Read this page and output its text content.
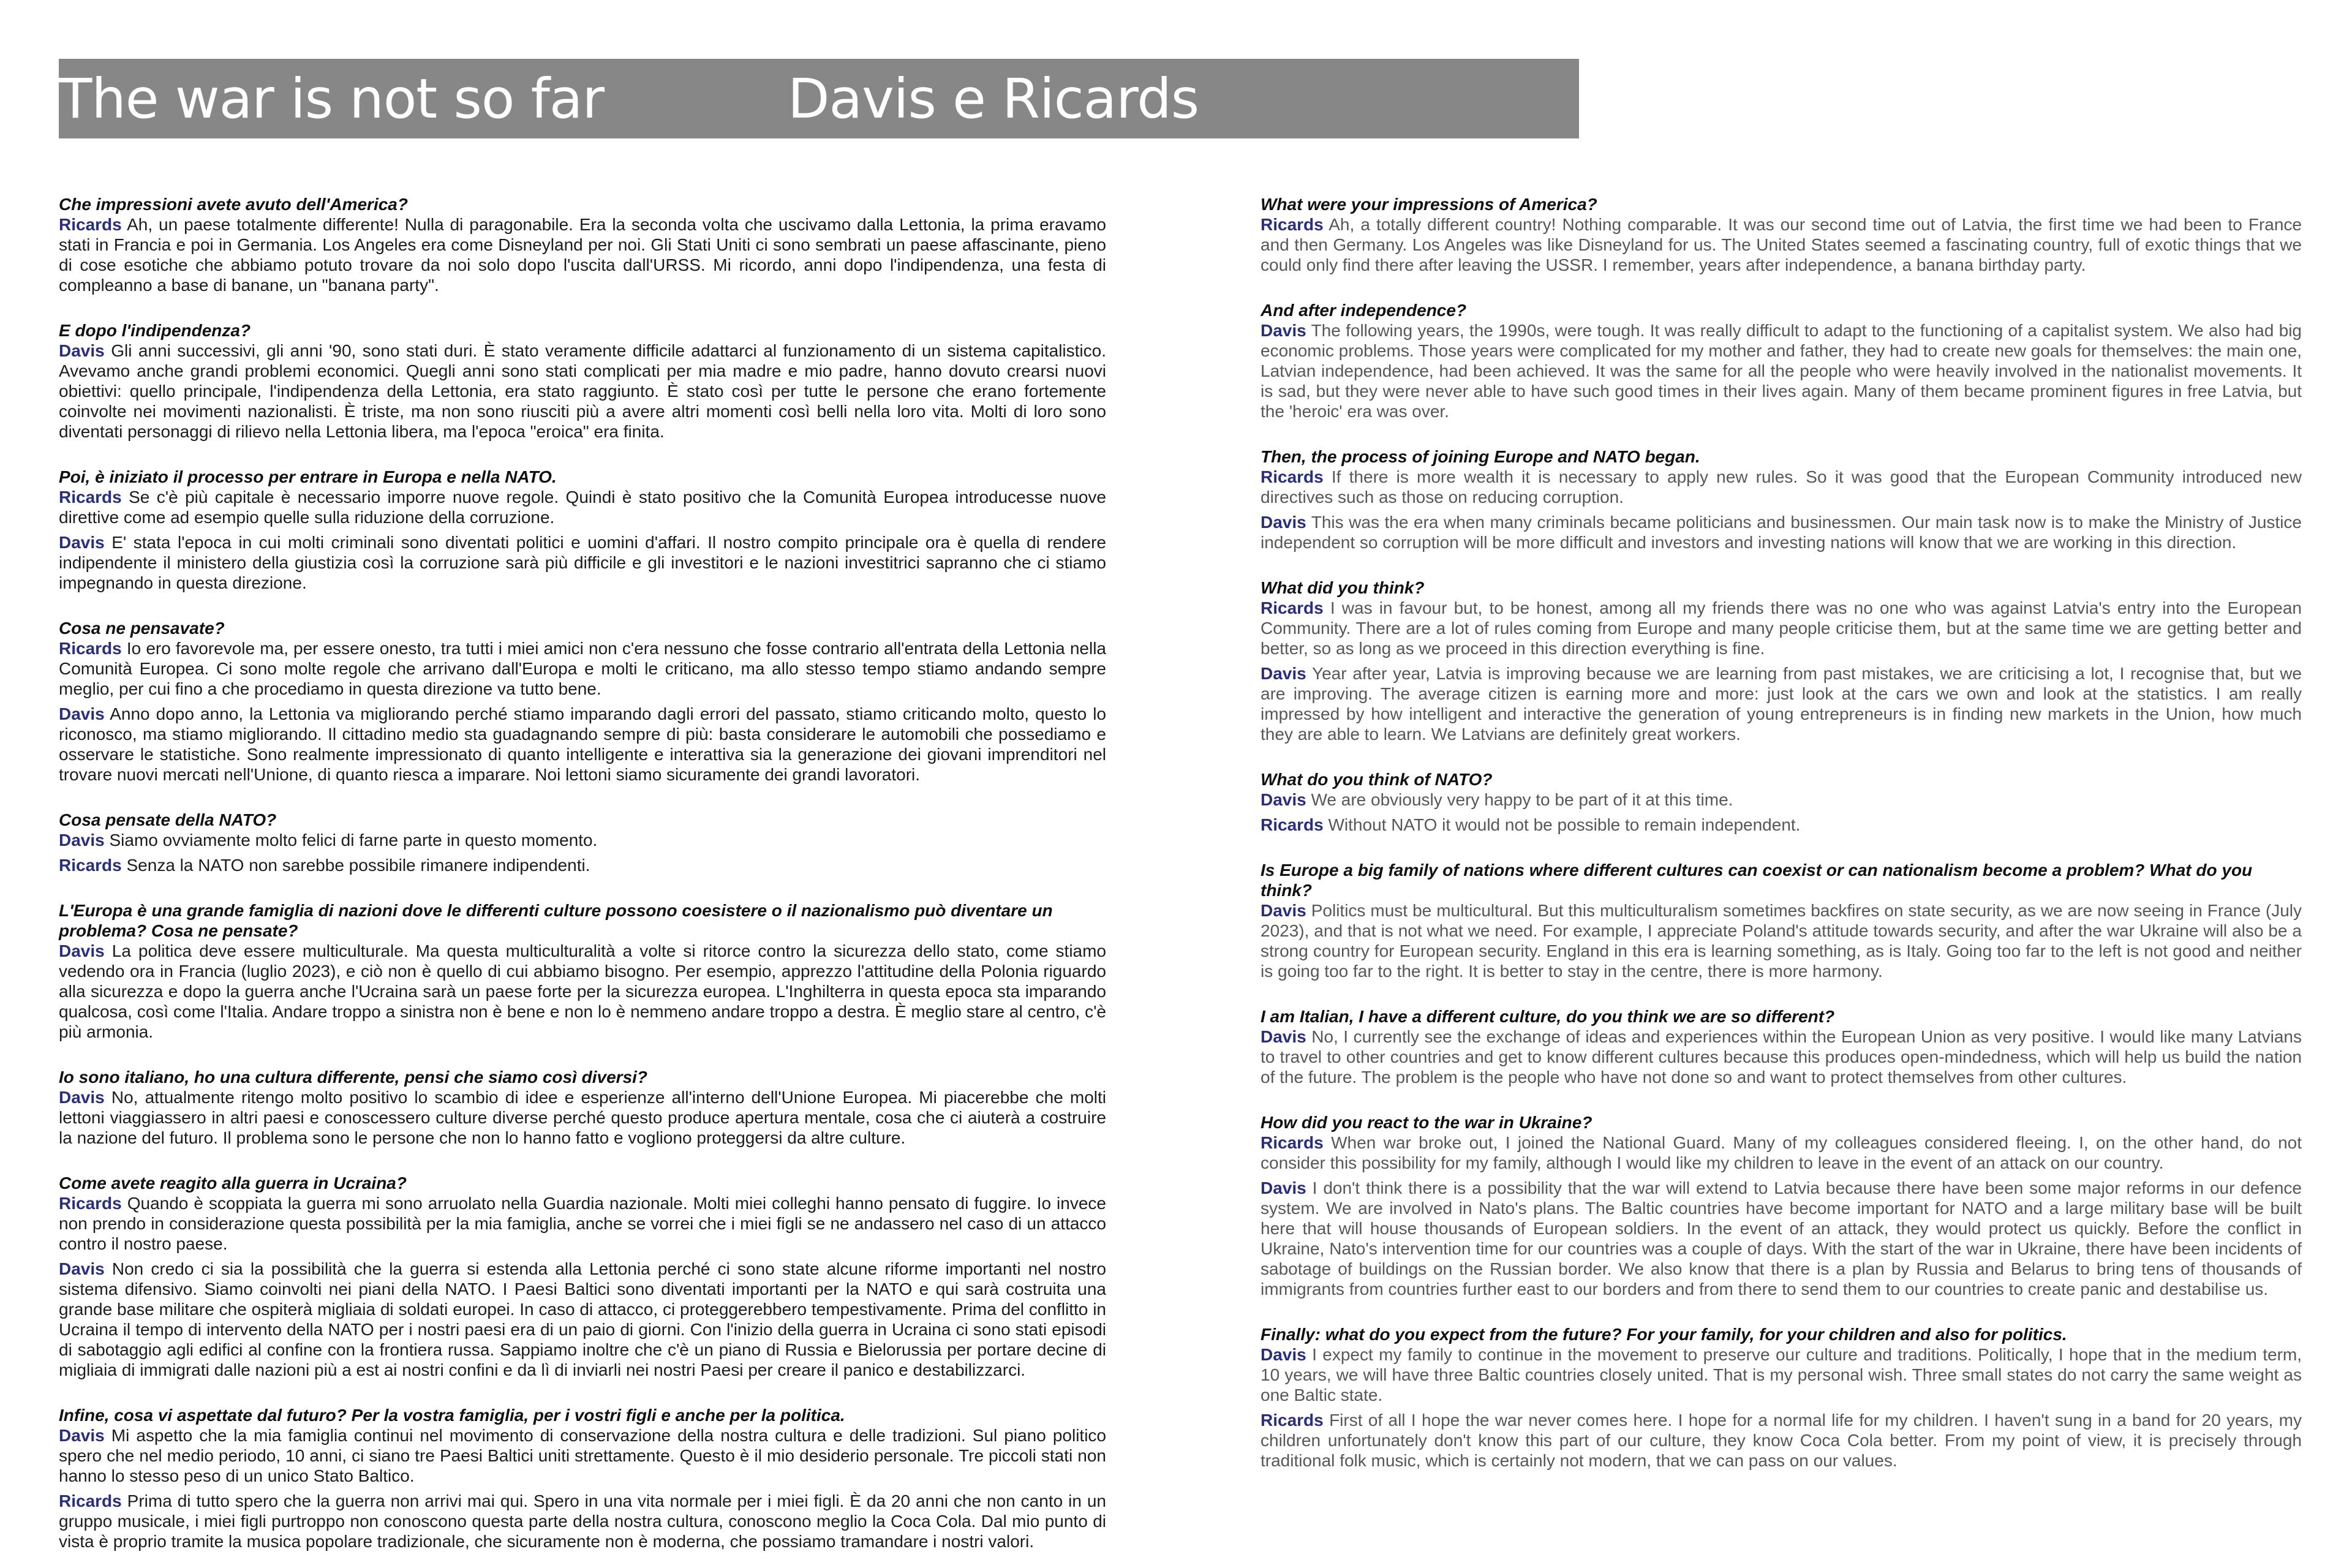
The war is not so far	Davis e Ricards

Che impressioni avete avuto dell'America?

Ricards Ah, un paese totalmente differente! Nulla di paragonabile. Era la seconda volta che uscivamo dalla Lettonia, la prima eravamo stati in Francia e poi in Germania. Los Angeles era come Disneyland per noi. Gli Stati Uniti ci sono sembrati un paese affascinante, pieno di cose esotiche che abbiamo potuto trovare da noi solo dopo l'uscita dall'URSS. Mi ricordo, anni dopo l'indipendenza, una festa di compleanno a base di banane, un "banana party".

E dopo l'indipendenza?

Davis Gli anni successivi, gli anni '90, sono stati duri. È stato veramente difficile adattarci al funzionamento di un sistema capitalistico. Avevamo anche grandi problemi economici. Quegli anni sono stati complicati per mia madre e mio padre, hanno dovuto crearsi nuovi obiettivi: quello principale, l'indipendenza della Lettonia, era stato raggiunto. È stato così per tutte le persone che erano fortemente coinvolte nei movimenti nazionalisti. È triste, ma non sono riusciti più a avere altri momenti così belli nella loro vita. Molti di loro sono diventati personaggi di rilievo nella Lettonia libera, ma l'epoca "eroica" era finita.

Poi, è iniziato il processo per entrare in Europa e nella NATO.

Ricards Se c'è più capitale è necessario imporre nuove regole. Quindi è stato positivo che la Comunità Europea introducesse nuove direttive come ad esempio quelle sulla riduzione della corruzione.

Davis E' stata l'epoca in cui molti criminali sono diventati politici e uomini d'affari. Il nostro compito principale ora è quella di rendere indipendente il ministero della giustizia così la corruzione sarà più difficile e gli investitori e le nazioni investitrici sapranno che ci stiamo impegnando in questa direzione.

Cosa ne pensavate?

Ricards Io ero favorevole ma, per essere onesto, tra tutti i miei amici non c'era nessuno che fosse contrario all'entrata della Lettonia nella Comunità Europea. Ci sono molte regole che arrivano dall'Europa e molti le criticano, ma allo stesso tempo stiamo andando sempre meglio, per cui fino a che procediamo in questa direzione va tutto bene.

Davis Anno dopo anno, la Lettonia va migliorando perché stiamo imparando dagli errori del passato, stiamo criticando molto, questo lo riconosco, ma stiamo migliorando. Il cittadino medio sta guadagnando sempre di più: basta considerare le automobili che possediamo e osservare le statistiche. Sono realmente impressionato di quanto intelligente e interattiva sia la generazione dei giovani imprenditori nel trovare nuovi mercati nell'Unione, di quanto riesca a imparare. Noi lettoni siamo sicuramente dei grandi lavoratori.

Cosa pensate della NATO?

Davis Siamo ovviamente molto felici di farne parte in questo momento.

Ricards Senza la NATO non sarebbe possibile rimanere indipendenti.

L'Europa è una grande famiglia di nazioni dove le differenti culture possono coesistere o il nazionalismo può diventare un problema? Cosa ne pensate?

Davis La politica deve essere multiculturale. Ma questa multiculturalità a volte si ritorce contro la sicurezza dello stato, come stiamo vedendo ora in Francia (luglio 2023), e ciò non è quello di cui abbiamo bisogno. Per esempio, apprezzo l'attitudine della Polonia riguardo alla sicurezza e dopo la guerra anche l'Ucraina sarà un paese forte per la sicurezza europea. L'Inghilterra in questa epoca sta imparando qualcosa, così come l'Italia. Andare troppo a sinistra non è bene e non lo è nemmeno andare troppo a destra. È meglio stare al centro, c'è più armonia.

Io sono italiano, ho una cultura differente, pensi che siamo così diversi?

Davis No, attualmente ritengo molto positivo lo scambio di idee e esperienze all'interno dell'Unione Europea. Mi piacerebbe che molti lettoni viaggiassero in altri paesi e conoscessero culture diverse perché questo produce apertura mentale, cosa che ci aiuterà a costruire la nazione del futuro. Il problema sono le persone che non lo hanno fatto e vogliono proteggersi da altre culture.

Come avete reagito alla guerra in Ucraina?

Ricards Quando è scoppiata la guerra mi sono arruolato nella Guardia nazionale. Molti miei colleghi hanno pensato di fuggire. Io invece non prendo in considerazione questa possibilità per la mia famiglia, anche se vorrei che i miei figli se ne andassero nel caso di un attacco contro il nostro paese.

Davis Non credo ci sia la possibilità che la guerra si estenda alla Lettonia perché ci sono state alcune riforme importanti nel nostro sistema difensivo. Siamo coinvolti nei piani della NATO. I Paesi Baltici sono diventati importanti per la NATO e qui sarà costruita una grande base militare che ospiterà migliaia di soldati europei. In caso di attacco, ci proteggerebbero tempestivamente. Prima del conflitto in Ucraina il tempo di intervento della NATO per i nostri paesi era di un paio di giorni. Con l'inizio della guerra in Ucraina ci sono stati episodi di sabotaggio agli edifici al confine con la frontiera russa. Sappiamo inoltre che c'è un piano di Russia e Bielorussia per portare decine di migliaia di immigrati dalle nazioni più a est ai nostri confini e da lì di inviarli nei nostri Paesi per creare il panico e destabilizzarci.

Infine, cosa vi aspettate dal futuro? Per la vostra famiglia, per i vostri figli e anche per la politica.

Davis Mi aspetto che la mia famiglia continui nel movimento di conservazione della nostra cultura e delle tradizioni. Sul piano politico spero che nel medio periodo, 10 anni, ci siano tre Paesi Baltici uniti strettamente. Questo è il mio desiderio personale. Tre piccoli stati non hanno lo stesso peso di un unico Stato Baltico.

Ricards Prima di tutto spero che la guerra non arrivi mai qui. Spero in una vita normale per i miei figli. È da 20 anni che non canto in un gruppo musicale, i miei figli purtroppo non conoscono questa parte della nostra cultura, conoscono meglio la Coca Cola. Dal mio punto di vista è proprio tramite la musica popolare tradizionale, che sicuramente non è moderna, che possiamo tramandare i nostri valori.

What were your impressions of America?

Ricards Ah, a totally different country! Nothing comparable. It was our second time out of Latvia, the first time we had been to France and then Germany. Los Angeles was like Disneyland for us. The United States seemed a fascinating country, full of exotic things that we could only find there after leaving the USSR. I remember, years after independence, a banana birthday party.

And after independence?

Davis The following years, the 1990s, were tough. It was really difficult to adapt to the functioning of a capitalist system. We also had big economic problems. Those years were complicated for my mother and father, they had to create new goals for themselves: the main one, Latvian independence, had been achieved. It was the same for all the people who were heavily involved in the nationalist movements. It is sad, but they were never able to have such good times in their lives again. Many of them became prominent figures in free Latvia, but the 'heroic' era was over.

Then, the process of joining Europe and NATO began.

Ricards If there is more wealth it is necessary to apply new rules. So it was good that the European Community introduced new directives such as those on reducing corruption.

Davis This was the era when many criminals became politicians and businessmen. Our main task now is to make the Ministry of Justice independent so corruption will be more difficult and investors and investing nations will know that we are working in this direction.

What did you think?

Ricards I was in favour but, to be honest, among all my friends there was no one who was against Latvia's entry into the European Community. There are a lot of rules coming from Europe and many people criticise them, but at the same time we are getting better and better, so as long as we proceed in this direction everything is fine.

Davis Year after year, Latvia is improving because we are learning from past mistakes, we are criticising a lot, I recognise that, but we are improving. The average citizen is earning more and more: just look at the cars we own and look at the statistics. I am really impressed by how intelligent and interactive the generation of young entrepreneurs is in finding new markets in the Union, how much they are able to learn. We Latvians are definitely great workers.

What do you think of NATO?

Davis We are obviously very happy to be part of it at this time.

Ricards Without NATO it would not be possible to remain independent.

Is Europe a big family of nations where different cultures can coexist or can nationalism become a problem? What do you think?

Davis Politics must be multicultural. But this multiculturalism sometimes backfires on state security, as we are now seeing in France (July 2023), and that is not what we need. For example, I appreciate Poland's attitude towards security, and after the war Ukraine will also be a strong country for European security. England in this era is learning something, as is Italy. Going too far to the left is not good and neither is going too far to the right. It is better to stay in the centre, there is more harmony.

I am Italian, I have a different culture, do you think we are so different?

Davis No, I currently see the exchange of ideas and experiences within the European Union as very positive. I would like many Latvians to travel to other countries and get to know different cultures because this produces open-mindedness, which will help us build the nation of the future. The problem is the people who have not done so and want to protect themselves from other cultures.

How did you react to the war in Ukraine?

Ricards When war broke out, I joined the National Guard. Many of my colleagues considered fleeing. I, on the other hand, do not consider this possibility for my family, although I would like my children to leave in the event of an attack on our country.

Davis I don't think there is a possibility that the war will extend to Latvia because there have been some major reforms in our defence system. We are involved in Nato's plans. The Baltic countries have become important for NATO and a large military base will be built here that will house thousands of European soldiers. In the event of an attack, they would protect us quickly. Before the conflict in Ukraine, Nato's intervention time for our countries was a couple of days. With the start of the war in Ukraine, there have been incidents of sabotage of buildings on the Russian border. We also know that there is a plan by Russia and Belarus to bring tens of thousands of immigrants from countries further east to our borders and from there to send them to our countries to create panic and destabilise us.

Finally: what do you expect from the future? For your family, for your children and also for politics.

Davis I expect my family to continue in the movement to preserve our culture and traditions. Politically, I hope that in the medium term, 10 years, we will have three Baltic countries closely united. That is my personal wish. Three small states do not carry the same weight as one Baltic state.

Ricards First of all I hope the war never comes here. I hope for a normal life for my children. I haven't sung in a band for 20 years, my children unfortunately don't know this part of our culture, they know Coca Cola better. From my point of view, it is precisely through traditional folk music, which is certainly not modern, that we can pass on our values.
